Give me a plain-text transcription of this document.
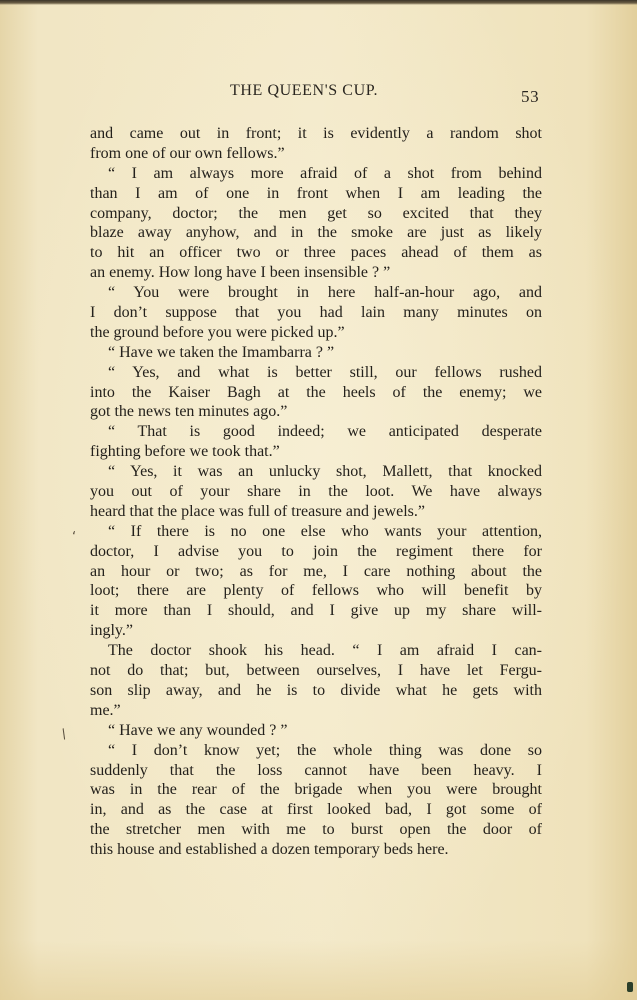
THE QUEEN'S CUP.	53
and came out in front; it is evidently a random shot
from one of our own fellows.”
“ I am always more afraid of a shot from behind
than I am of one in front when I am leading the
company, doctor; the men get so excited that they
blaze away anyhow, and in the smoke are just as likely
to hit an officer two or three paces ahead of them as
an enemy. How long have I been insensible ? ”
“ You were brought in here half-an-hour ago, and
I don’t suppose that you had lain many minutes on
the ground before you were picked up.”
“ Have we taken the Imambarra ? ”
“ Yes, and what is better still, our fellows rushed
into the Kaiser Bagh at the heels of the enemy; we
got the news ten minutes ago.”
“ That is good indeed; we anticipated desperate
fighting before we took that.”
“ Yes, it was an unlucky shot, Mallett, that knocked
you out of your share in the loot. We have always
heard that the place was full of treasure and jewels.”
“ If there is no one else who wants your attention,
doctor, I advise you to join the regiment there for
an hour or two; as for me, I care nothing about the
loot; there are plenty of fellows who will benefit by
it more than I should, and I give up my share will-
ingly.”
The doctor shook his head. “ I am afraid I can-
not do that; but, between ourselves, I have let Fergu-
son slip away, and he is to divide what he gets with
me.”
“ Have we any wounded ? ”
“ I don’t know yet; the whole thing was done so
suddenly that the loss cannot have been heavy. I
was in the rear of the brigade when you were brought
in, and as the case at first looked bad, I got some of
the stretcher men with me to burst open the door of
this house and established a dozen temporary beds here.
‘
/
